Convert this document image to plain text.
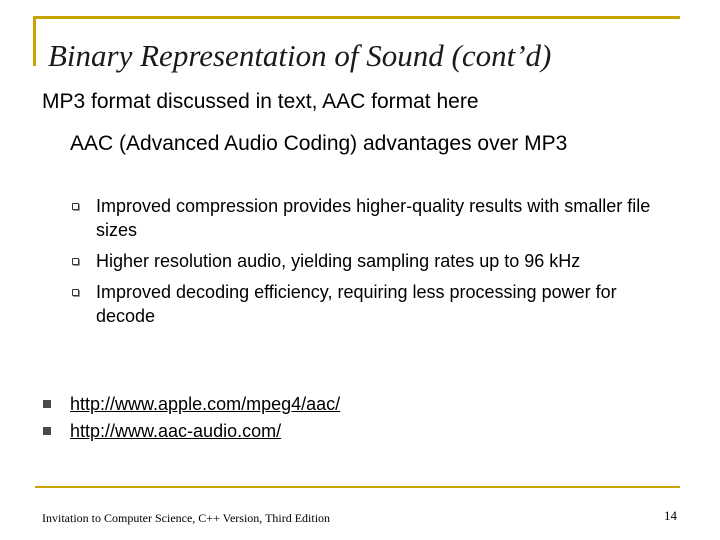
Binary Representation of Sound (cont’d)
MP3 format discussed in text, AAC format here
AAC (Advanced Audio Coding) advantages over MP3
Improved compression provides higher-quality results with smaller file sizes
Higher resolution audio, yielding sampling rates up to 96 kHz
Improved decoding efficiency, requiring less processing power for decode
http://www.apple.com/mpeg4/aac/
http://www.aac-audio.com/
Invitation to Computer Science, C++ Version, Third Edition	14
